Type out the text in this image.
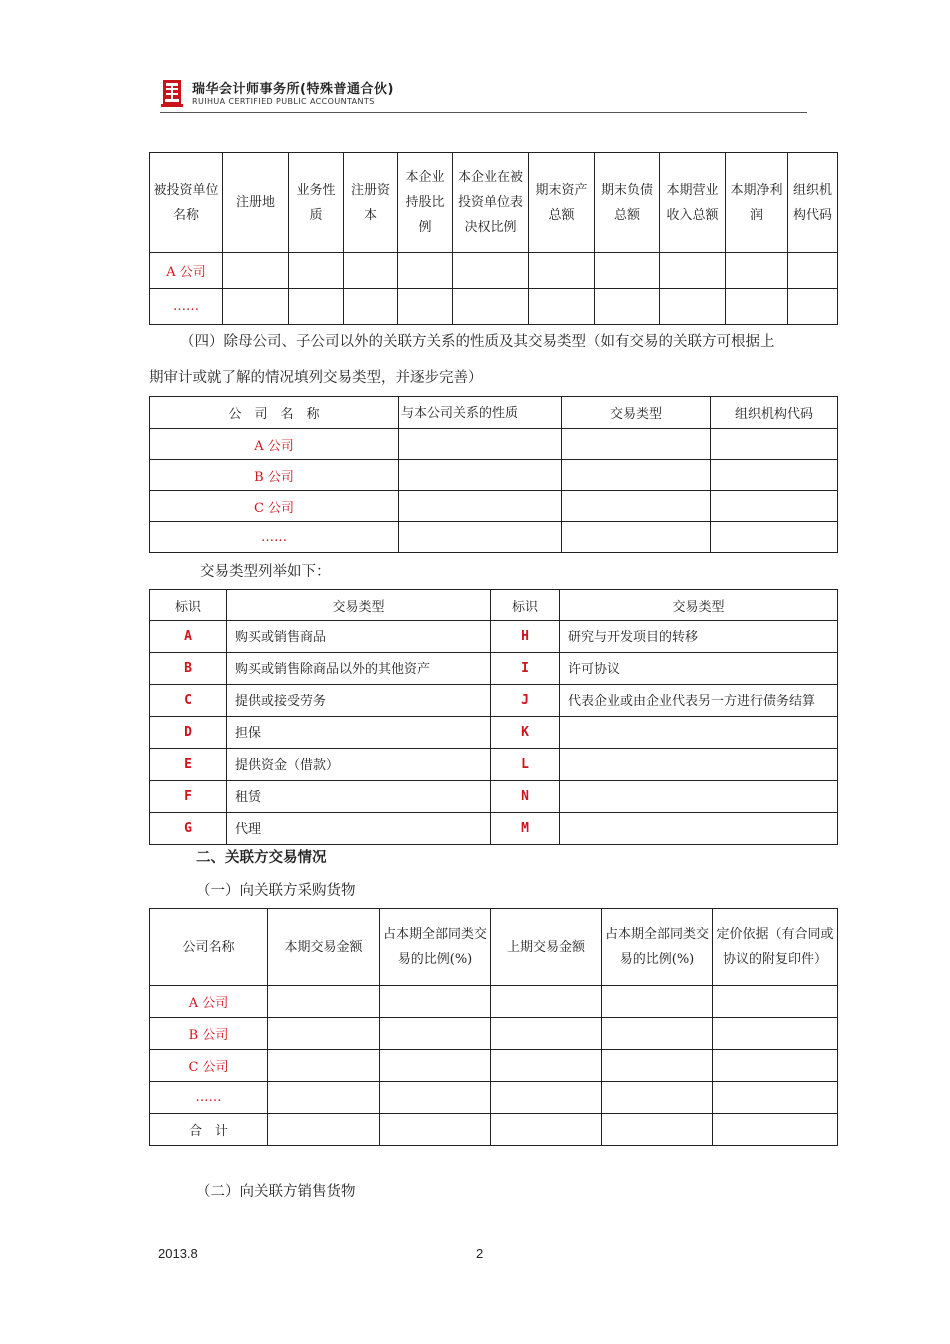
瑞华会计师事务所(特殊普通合伙)
RUIHUA CERTIFIED PUBLIC ACCOUNTANTS
被投资单位名称	注册地	业务性质	注册资本	本企业持股比例	本企业在被投资单位表决权比例	期末资产总额	期末负债总额	本期营业收入总额	本期净利润	组织机构代码
A 公司										
……										
（四）除母公司、子公司以外的关联方关系的性质及其交易类型（如有交易的关联方可根据上
期审计或就了解的情况填列交易类型，并逐步完善）
公　司　名　称	与本公司关系的性质	交易类型	组织机构代码
A 公司			
B 公司			
C 公司			
……			
交易类型列举如下：
标识	交易类型	标识	交易类型
A	购买或销售商品	H	研究与开发项目的转移

B	购买或销售除商品以外的其他资产	I	许可协议

C	提供或接受劳务	J	代表企业或由企业代表另一方进行债务结算

D	担保	K	

E	提供资金（借款）	L	

F	租赁	N	

G	代理	M	
二、关联方交易情况
（一）向关联方采购货物
公司名称	本期交易金额	占本期全部同类交易的比例(%)	上期交易金额	占本期全部同类交易的比例(%)	定价依据（有合同或协议的附复印件）
A 公司					
B 公司					
C 公司					
……					
合　计					
（二）向关联方销售货物
2013.8	2
